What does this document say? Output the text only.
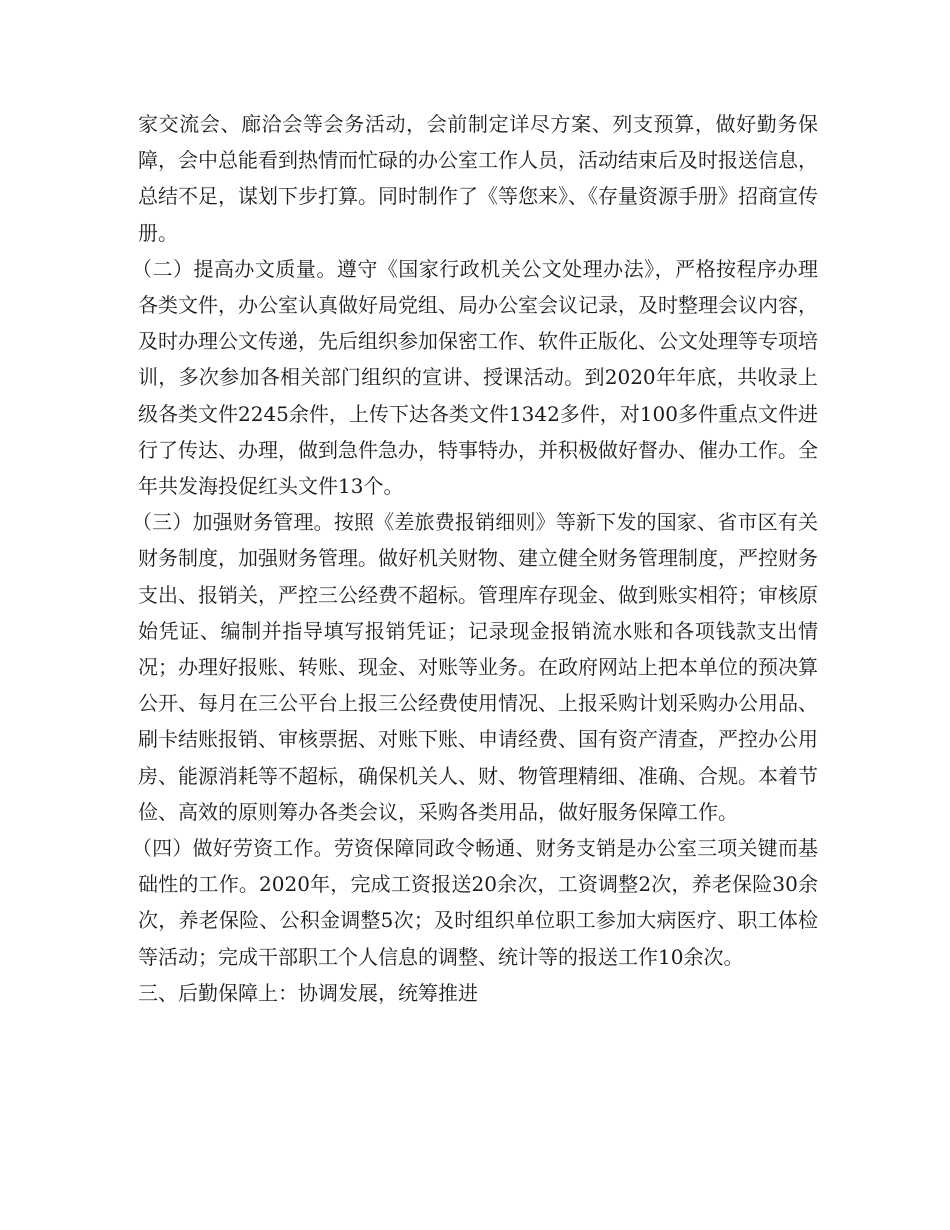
家交流会、廊洽会等会务活动，会前制定详尽方案、列支预算，做好勤务保障，会中总能看到热情而忙碌的办公室工作人员，活动结束后及时报送信息，总结不足，谋划下步打算。同时制作了《等您来》、《存量资源手册》招商宣传册。

（二）提高办文质量。遵守《国家行政机关公文处理办法》，严格按程序办理各类文件，办公室认真做好局党组、局办公室会议记录，及时整理会议内容，及时办理公文传递，先后组织参加保密工作、软件正版化、公文处理等专项培训，多次参加各相关部门组织的宣讲、授课活动。到2020年年底，共收录上级各类文件2245余件，上传下达各类文件1342多件，对100多件重点文件进行了传达、办理，做到急件急办，特事特办，并积极做好督办、催办工作。全年共发海投促红头文件13个。

（三）加强财务管理。按照《差旅费报销细则》等新下发的国家、省市区有关财务制度，加强财务管理。做好机关财物、建立健全财务管理制度，严控财务支出、报销关，严控三公经费不超标。管理库存现金、做到账实相符；审核原始凭证、编制并指导填写报销凭证；记录现金报销流水账和各项钱款支出情况；办理好报账、转账、现金、对账等业务。在政府网站上把本单位的预决算公开、每月在三公平台上报三公经费使用情况、上报采购计划采购办公用品、刷卡结账报销、审核票据、对账下账、申请经费、国有资产清查，严控办公用房、能源消耗等不超标，确保机关人、财、物管理精细、准确、合规。本着节俭、高效的原则筹办各类会议，采购各类用品，做好服务保障工作。

（四）做好劳资工作。劳资保障同政令畅通、财务支销是办公室三项关键而基础性的工作。2020年，完成工资报送20余次，工资调整2次，养老保险30余次，养老保险、公积金调整5次；及时组织单位职工参加大病医疗、职工体检等活动；完成干部职工个人信息的调整、统计等的报送工作10余次。

三、后勤保障上：协调发展，统筹推进
